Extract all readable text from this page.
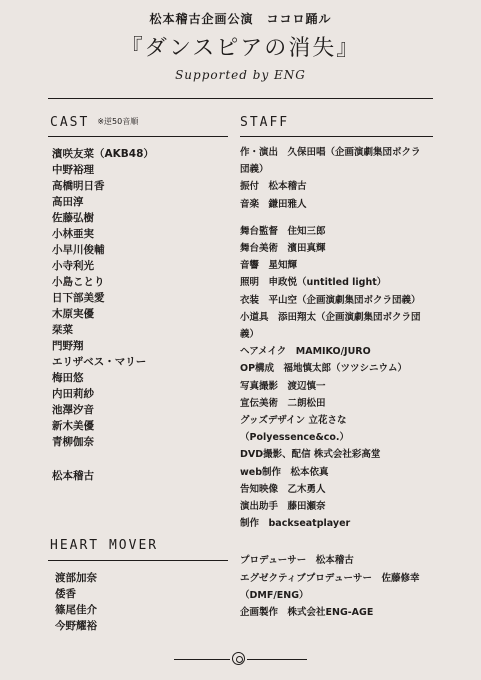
松本稽古企画公演　ココロ踊ル
『ダンスピアの消失』
Supported by ENG
CAST ※逆50音順	STAFF
濱咲友菜（AKB48）
中野裕理
高橋明日香
高田淳
佐藤弘樹
小林亜実
小早川俊輔
小寺利光
小島ことり
日下部美愛
木原実優
栞菜
門野翔
エリザベス・マリー
梅田悠
内田莉紗
池澤汐音
新木美優
青柳伽奈
松本稽古
HEART MOVER
渡部加奈
倭香
篠尾佳介
今野耀裕
作・演出　久保田唱（企画演劇集団ボクラ
団義）
振付　松本稽古
音楽　鎌田雅人
舞台監督　住知三郎
舞台美術　濱田真輝
音響　星知輝
照明　申政悦（untitled light）
衣装　平山空（企画演劇集団ボクラ団義）
小道具　添田翔太（企画演劇集団ボクラ団
義）
ヘアメイク　MAMIKO/JURO
OP構成　福地慎太郎（ツツシニウム）
写真撮影　渡辺慎一
宣伝美術　二朗松田
グッズデザイン 立花さな
（Polyessence&co.）
DVD撮影、配信 株式会社彩高堂
web制作　松本依真
告知映像　乙木勇人
演出助手　藤田瀬奈
制作　backseatplayer
プロデューサー　松本稽古
エグゼクティブプロデューサー　佐藤修幸
（DMF/ENG）
企画製作　株式会社ENG-AGE
